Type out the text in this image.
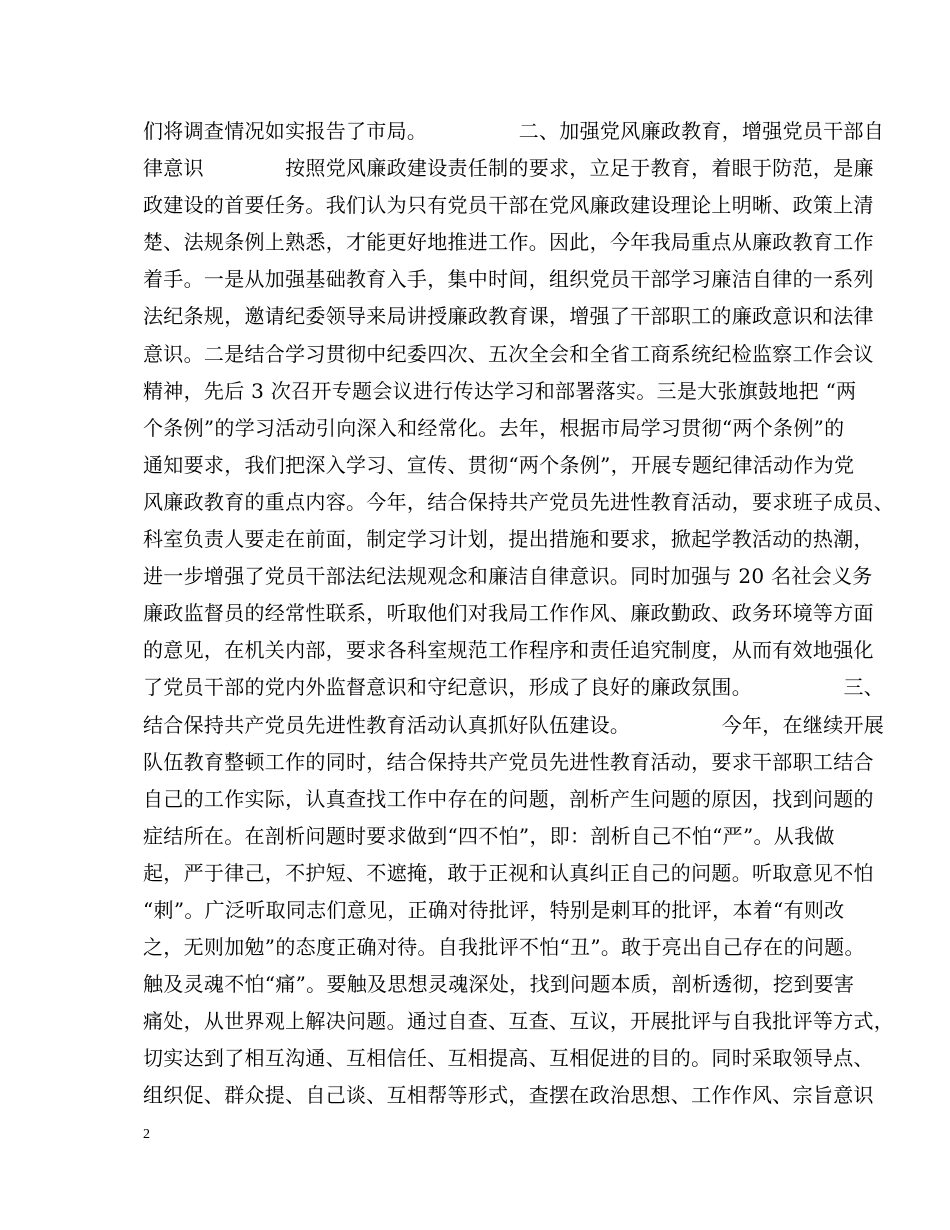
们将调查情况如实报告了市局。　　　　　二、加强党风廉政教育，增强党员干部自
律意识　　　　按照党风廉政建设责任制的要求，立足于教育，着眼于防范，是廉
政建设的首要任务。我们认为只有党员干部在党风廉政建设理论上明晰、政策上清
楚、法规条例上熟悉，才能更好地推进工作。因此，今年我局重点从廉政教育工作
着手。一是从加强基础教育入手，集中时间，组织党员干部学习廉洁自律的一系列
法纪条规，邀请纪委领导来局讲授廉政教育课，增强了干部职工的廉政意识和法律
意识。二是结合学习贯彻中纪委四次、五次全会和全省工商系统纪检监察工作会议
精神，先后 3 次召开专题会议进行传达学习和部署落实。三是大张旗鼓地把 “两
个条例”的学习活动引向深入和经常化。去年，根据市局学习贯彻“两个条例”的
通知要求，我们把深入学习、宣传、贯彻“两个条例”，开展专题纪律活动作为党
风廉政教育的重点内容。今年，结合保持共产党员先进性教育活动，要求班子成员、
科室负责人要走在前面，制定学习计划，提出措施和要求，掀起学教活动的热潮，
进一步增强了党员干部法纪法规观念和廉洁自律意识。同时加强与 20 名社会义务
廉政监督员的经常性联系，听取他们对我局工作作风、廉政勤政、政务环境等方面
的意见，在机关内部，要求各科室规范工作程序和责任追究制度，从而有效地强化
了党员干部的党内外监督意识和守纪意识，形成了良好的廉政氛围。　　　　　三、
结合保持共产党员先进性教育活动认真抓好队伍建设。　　　　　今年，在继续开展
队伍教育整顿工作的同时，结合保持共产党员先进性教育活动，要求干部职工结合
自己的工作实际，认真查找工作中存在的问题，剖析产生问题的原因，找到问题的
症结所在。在剖析问题时要求做到“四不怕”，即：剖析自己不怕“严”。从我做
起，严于律己，不护短、不遮掩，敢于正视和认真纠正自己的问题。听取意见不怕
“刺”。广泛听取同志们意见，正确对待批评，特别是刺耳的批评，本着“有则改
之，无则加勉”的态度正确对待。自我批评不怕“丑”。敢于亮出自己存在的问题。
触及灵魂不怕“痛”。要触及思想灵魂深处，找到问题本质，剖析透彻，挖到要害
痛处，从世界观上解决问题。通过自查、互查、互议，开展批评与自我批评等方式，
切实达到了相互沟通、互相信任、互相提高、互相促进的目的。同时采取领导点、
组织促、群众提、自己谈、互相帮等形式，查摆在政治思想、工作作风、宗旨意识
2
